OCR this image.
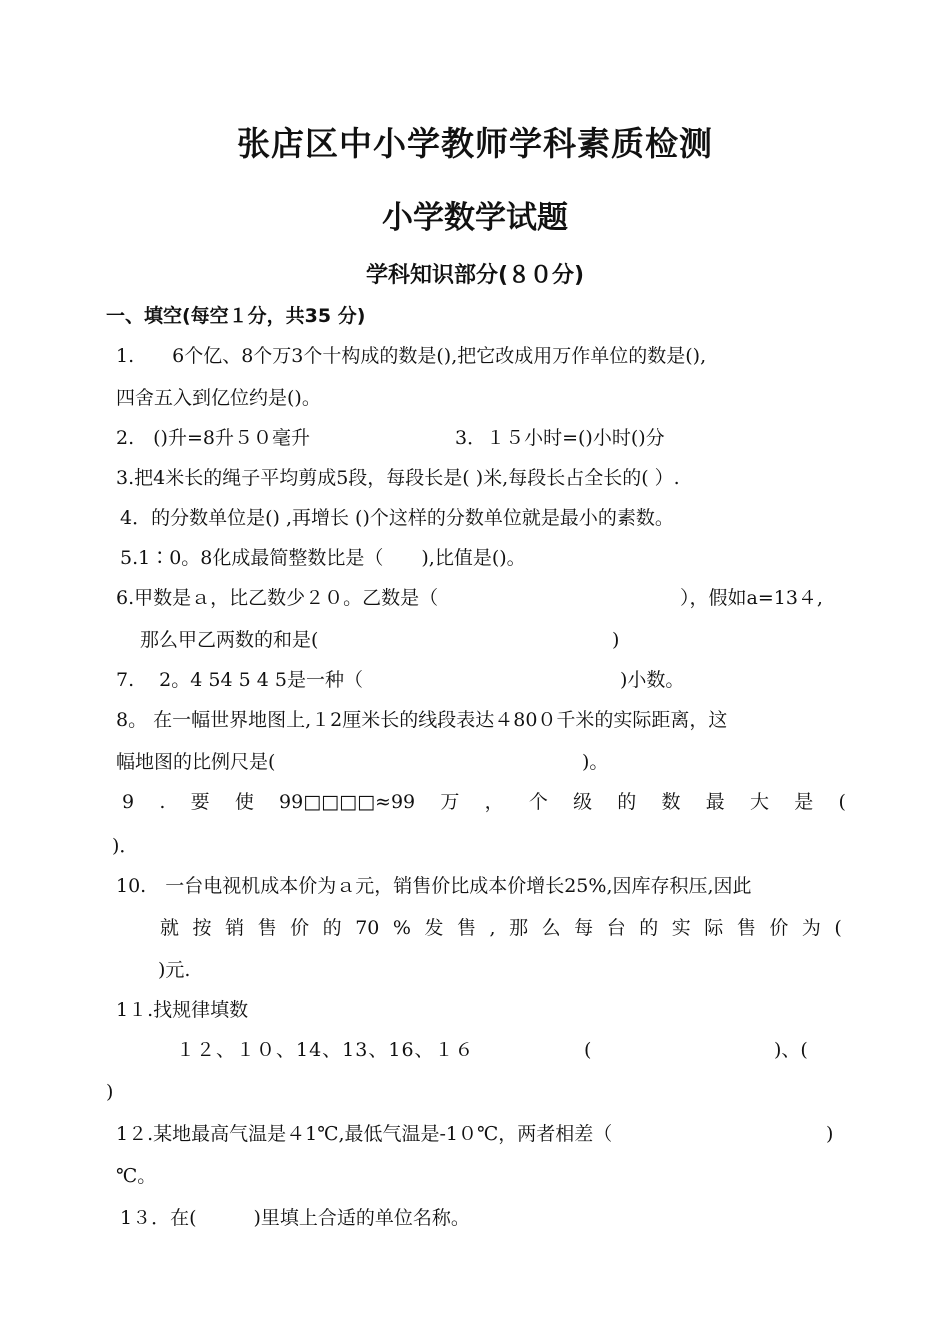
张店区中小学教师学科素质检测
小学数学试题
学科知识部分(８０分)
一、填空(每空１分，共35 分)
1.　　6个亿、8个万3个十构成的数是(),把它改成用万作单位的数是(),
四舍五入到亿位约是()。
2.　()升=8升５０毫升	3．１５小时=()小时()分
3.把4米长的绳子平均剪成5段，每段长是( )米,每段长占全长的( ）.
4．的分数单位是() ,再增长 ()个这样的分数单位就是最小的素数。
5.1∶0。8化成最简整数比是（　　),比值是()。
6.甲数是ａ，比乙数少２０。乙数是（	），假如a=13４,
那么甲乙两数的和是(	)
7.　 2。4 54 5 4 5是一种（	)小数。
8。 在一幅世界地图上,１2厘米长的线段表达４80０千米的实际距离，这
幅地图的比例尺是(	)。
9 . 要 使 99□□□□≈99 万 ， 个 级 的 数 最 大 是 (
)．
10.　一台电视机成本价为ａ元，销售价比成本价增长25%,因库存积压,因此
就 按 销 售 价 的 70 % 发 售 , 那 么 每 台 的 实 际 售 价 为 (
)元.
1１.找规律填数
１２、１０、14、13、16、１６	(	)、(
)
1２.某地最高气温是４1℃,最低气温是-1０℃，两者相差（	)
℃。
1３．在(　　　)里填上合适的单位名称。
